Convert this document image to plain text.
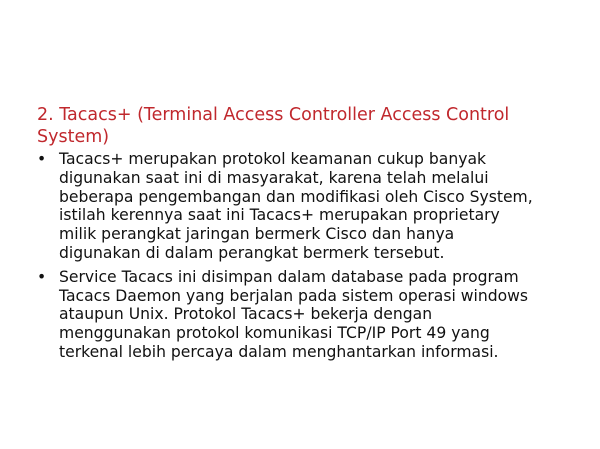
2. Tacacs+ (Terminal Access Controller Access Control
System)
• Tacacs+ merupakan protokol keamanan cukup banyak
digunakan saat ini di masyarakat, karena telah melalui
beberapa pengembangan dan modifikasi oleh Cisco System,
istilah kerennya saat ini Tacacs+ merupakan proprietary
milik perangkat jaringan bermerk Cisco dan hanya
digunakan di dalam perangkat bermerk tersebut.
• Service Tacacs ini disimpan dalam database pada program
Tacacs Daemon yang berjalan pada sistem operasi windows
ataupun Unix. Protokol Tacacs+ bekerja dengan
menggunakan protokol komunikasi TCP/IP Port 49 yang
terkenal lebih percaya dalam menghantarkan informasi.
